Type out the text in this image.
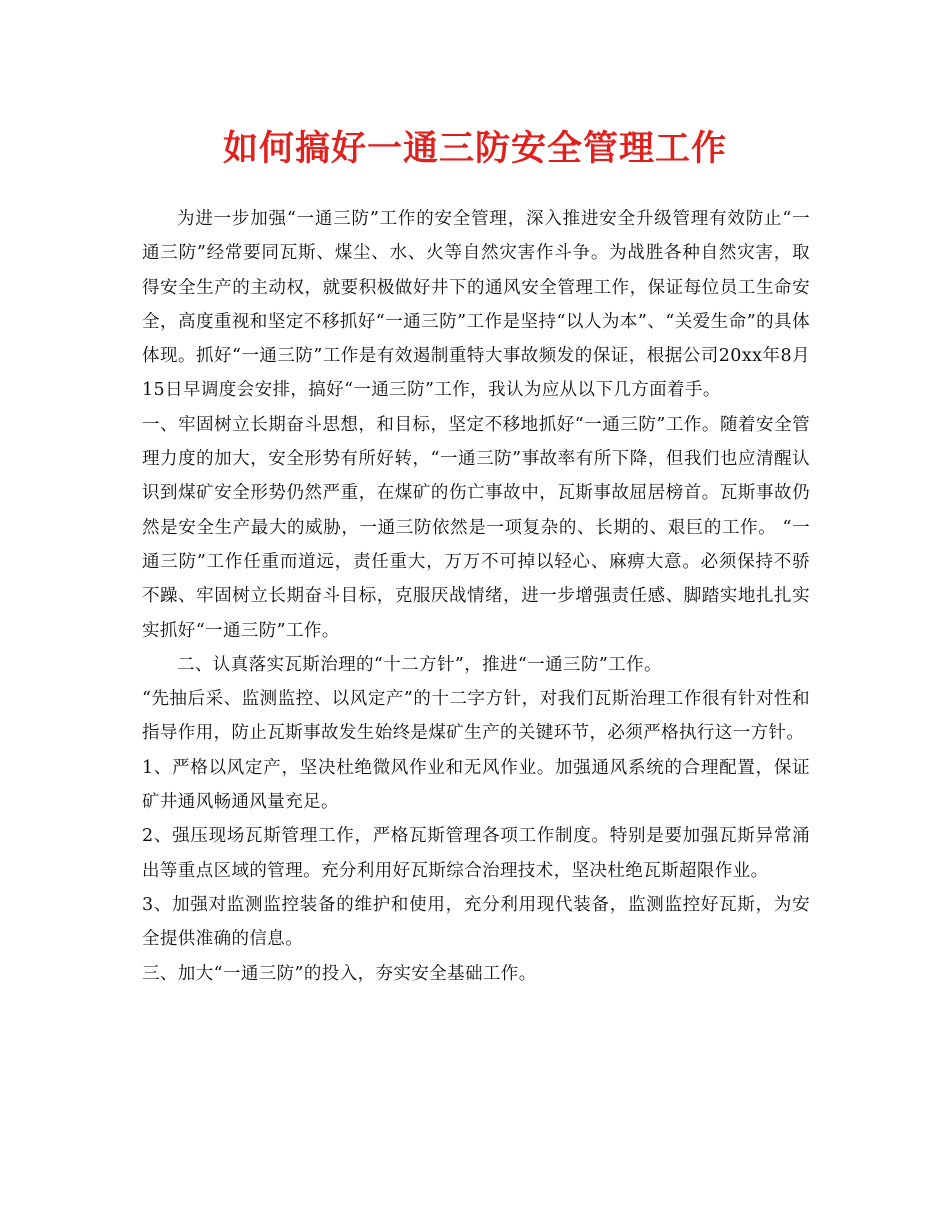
如何搞好一通三防安全管理工作

为进一步加强“一通三防”工作的安全管理，深入推进安全升级管理有效防止“一通三防”经常要同瓦斯、煤尘、水、火等自然灾害作斗争。为战胜各种自然灾害，取得安全生产的主动权，就要积极做好井下的通风安全管理工作，保证每位员工生命安全，高度重视和坚定不移抓好“一通三防”工作是坚持“以人为本”、“关爱生命”的具体体现。抓好“一通三防”工作是有效遏制重特大事故频发的保证，根据公司20xx年8月15日早调度会安排，搞好“一通三防”工作，我认为应从以下几方面着手。

一、牢固树立长期奋斗思想，和目标，坚定不移地抓好“一通三防”工作。随着安全管理力度的加大，安全形势有所好转，“一通三防”事故率有所下降，但我们也应清醒认识到煤矿安全形势仍然严重，在煤矿的伤亡事故中，瓦斯事故屈居榜首。瓦斯事故仍然是安全生产最大的威胁，一通三防依然是一项复杂的、长期的、艰巨的工作。 “一通三防”工作任重而道远，责任重大，万万不可掉以轻心、麻痹大意。必须保持不骄不躁、牢固树立长期奋斗目标，克服厌战情绪，进一步增强责任感、脚踏实地扎扎实实抓好“一通三防”工作。

二、认真落实瓦斯治理的“十二方针”，推进“一通三防”工作。

“先抽后采、监测监控、以风定产”的十二字方针，对我们瓦斯治理工作很有针对性和指导作用，防止瓦斯事故发生始终是煤矿生产的关键环节，必须严格执行这一方针。

1、严格以风定产，坚决杜绝微风作业和无风作业。加强通风系统的合理配置，保证矿井通风畅通风量充足。

2、强压现场瓦斯管理工作，严格瓦斯管理各项工作制度。特别是要加强瓦斯异常涌出等重点区域的管理。充分利用好瓦斯综合治理技术，坚决杜绝瓦斯超限作业。

3、加强对监测监控装备的维护和使用，充分利用现代装备，监测监控好瓦斯，为安全提供准确的信息。

三、加大“一通三防”的投入，夯实安全基础工作。
